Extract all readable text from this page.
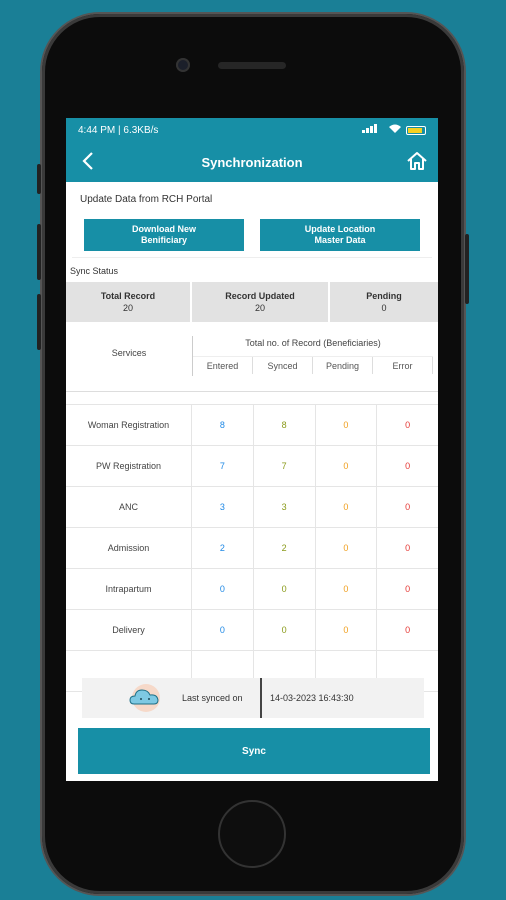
4:44 PM | 6.3KB/s
Synchronization
Update Data from RCH Portal
Download New
Benificiary
Update Location
Master Data
Sync Status
Total Record
20
Record Updated
20
Pending
0
Services
Total no. of Record (Beneficiaries)
Entered	Synced	Pending	Error
Woman Registration	8	8	0	0
PW Registration	7	7	0	0
ANC	3	3	0	0
Admission	2	2	0	0
Intrapartum	0	0	0	0
Delivery	0	0	0	0
Last synced on	14-03-2023 16:43:30
Sync
